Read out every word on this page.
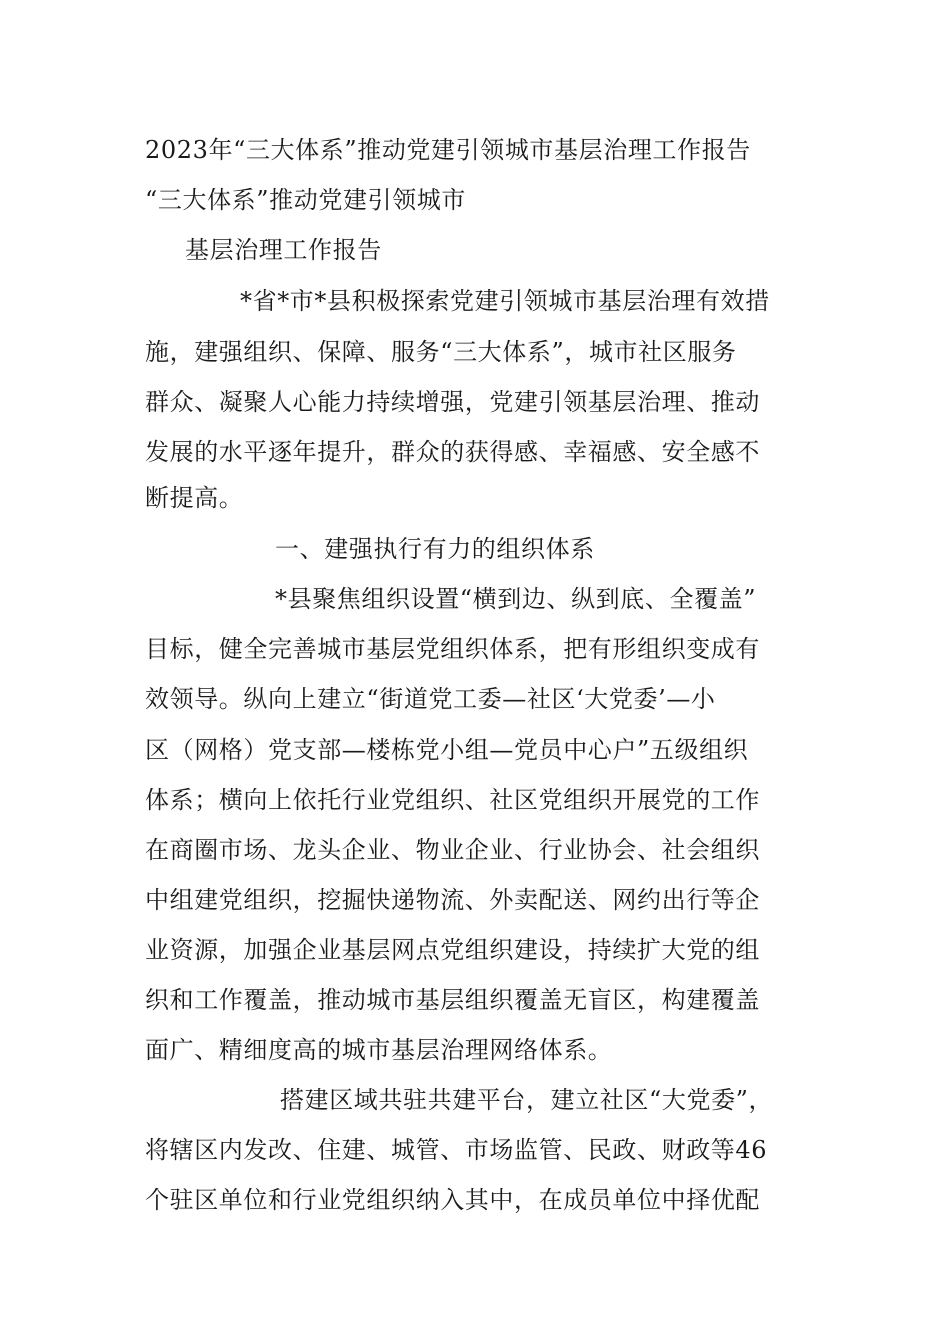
2023年“三大体系”推动党建引领城市基层治理工作报告
“三大体系”推动党建引领城市
基层治理工作报告
*省*市*县积极探索党建引领城市基层治理有效措
施，建强组织、保障、服务“三大体系”，城市社区服务
群众、凝聚人心能力持续增强，党建引领基层治理、推动
发展的水平逐年提升，群众的获得感、幸福感、安全感不
断提高。
一、建强执行有力的组织体系
*县聚焦组织设置“横到边、纵到底、全覆盖”
目标，健全完善城市基层党组织体系，把有形组织变成有
效领导。纵向上建立“街道党工委—社区‘大党委’—小
区（网格）党支部—楼栋党小组—党员中心户”五级组织
体系；横向上依托行业党组织、社区党组织开展党的工作
在商圈市场、龙头企业、物业企业、行业协会、社会组织
中组建党组织，挖掘快递物流、外卖配送、网约出行等企
业资源，加强企业基层网点党组织建设，持续扩大党的组
织和工作覆盖，推动城市基层组织覆盖无盲区，构建覆盖
面广、精细度高的城市基层治理网络体系。
搭建区域共驻共建平台，建立社区“大党委”，
将辖区内发改、住建、城管、市场监管、民政、财政等46
个驻区单位和行业党组织纳入其中，在成员单位中择优配
